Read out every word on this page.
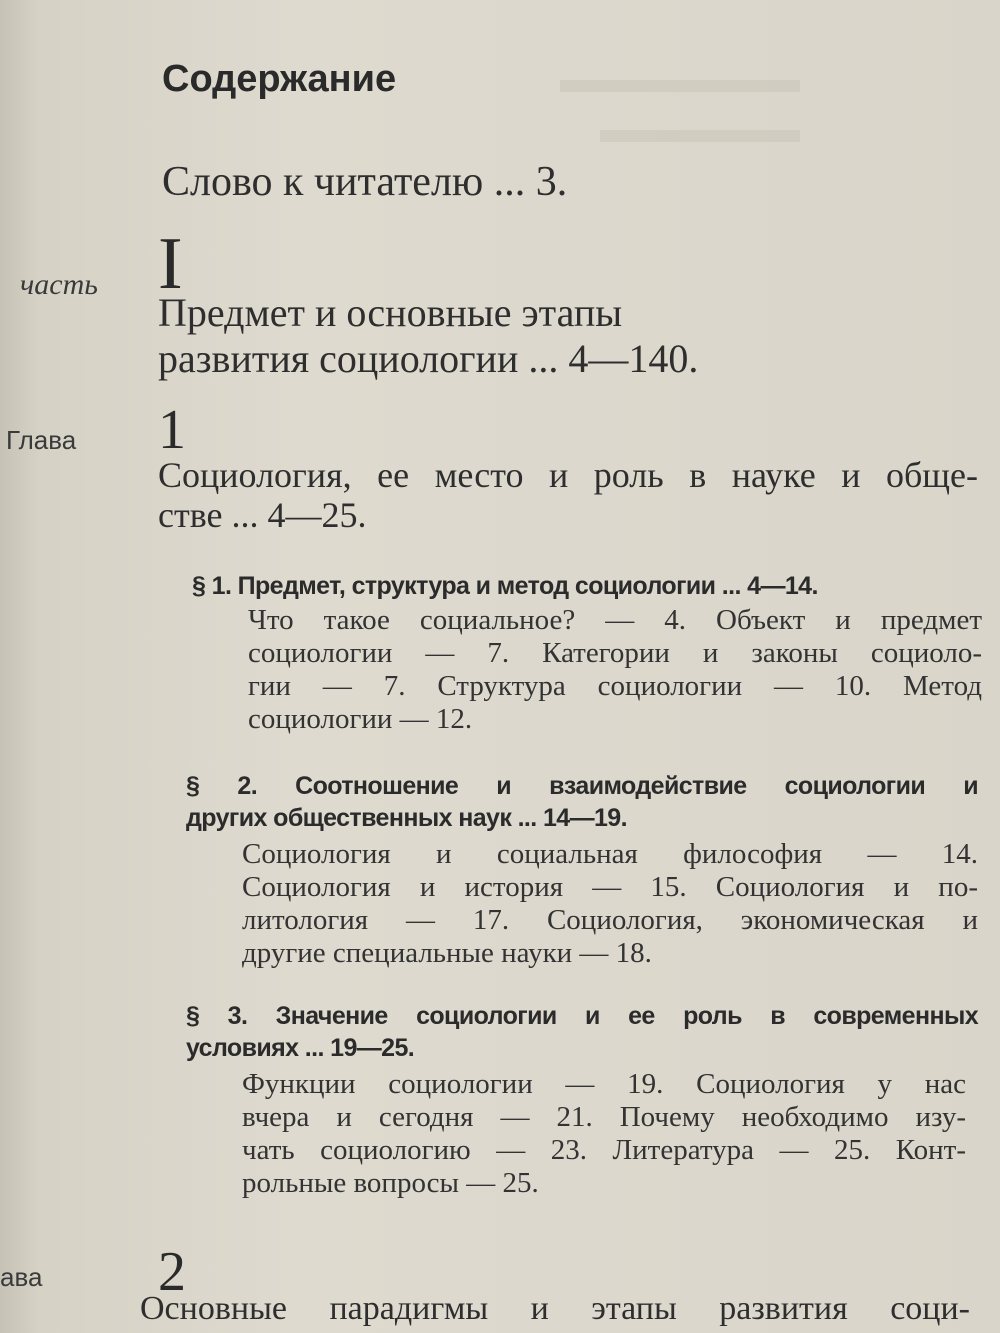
▬▬▬▬▬▬
▬▬▬▬▬
Содержание
Слово к читателю ... 3.
часть I
Предмет и основные этапы
развития социологии ... 4—140.
Глава 1
Социология, ее место и роль в науке и обще-
стве ... 4—25.
§ 1. Предмет, структура и метод социологии ... 4—14.
Что такое социальное? — 4. Объект и предмет
социологии — 7. Категории и законы социоло-
гии — 7. Структура социологии — 10. Метод
социологии — 12.
§ 2. Соотношение и взаимодействие социологии и
других общественных наук ... 14—19.
Социология и социальная философия — 14.
Социология и история — 15. Социология и по-
литология — 17. Социология, экономическая и
другие специальные науки — 18.
§ 3. Значение социологии и ее роль в современных
условиях ... 19—25.
Функции социологии — 19. Социология у нас
вчера и сегодня — 21. Почему необходимо изу-
чать социологию — 23. Литература — 25. Конт-
рольные вопросы — 25.
ава 2
Основные парадигмы и этапы развития соци-
